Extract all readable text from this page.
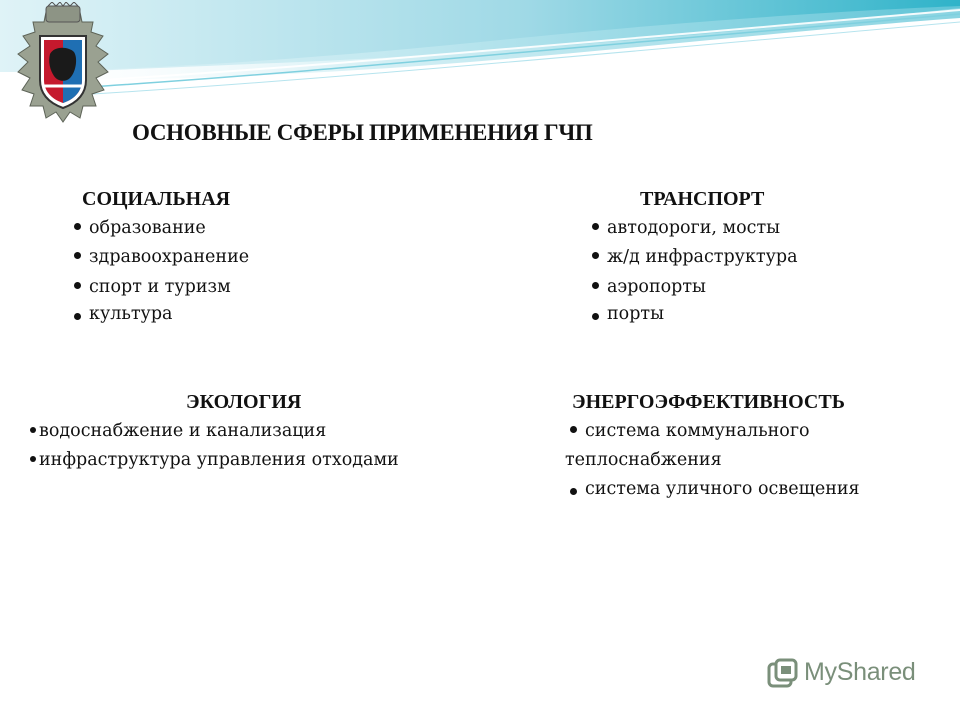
ОСНОВНЫЕ СФЕРЫ ПРИМЕНЕНИЯ ГЧП
СОЦИАЛЬНАЯ
образование
здравоохранение
спорт и туризм
культура
ТРАНСПОРТ
автодороги, мосты
ж/д инфраструктура
аэропорты
порты
ЭКОЛОГИЯ
водоснабжение и канализация
инфраструктура управления отходами
ЭНЕРГОЭФФЕКТИВНОСТЬ
система коммунального
теплоснабжения
система уличного освещения
MyShared
